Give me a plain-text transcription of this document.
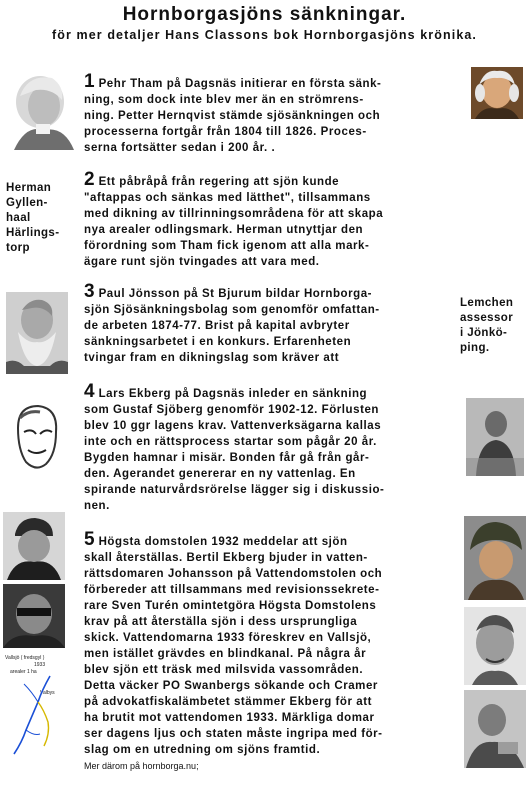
Hornborgasjöns sänkningar.
för mer detaljer Hans Classons bok Hornborgasjöns krönika.
1 Pehr Tham på Dagsnäs initierar en första sänk-
ning, som dock inte blev mer än en strömrens-
ning. Petter Hernqvist stämde sjösänkningen och
processerna fortgår från 1804 till 1826. Proces-
serna fortsätter sedan i 200 år. .
2 Ett påbråpå från regering att sjön kunde
"aftappas och sänkas med lätthet", tillsammans
med dikning av tillrinningsområdena för att skapa
nya arealer odlingsmark. Herman utnyttjar den
förordning som Tham fick igenom att alla mark-
ägare runt sjön tvingades att vara med.
3 Paul Jönsson på St Bjurum bildar Hornborga-
sjön Sjösänkningsbolag som genomför omfattan-
de arbeten 1874-77. Brist på kapital avbryter
sänkningsarbetet i en konkurs. Erfarenheten
tvingar fram en dikningslag som kräver att
4 Lars Ekberg på Dagsnäs inleder en sänkning
som Gustaf Sjöberg genomför 1902-12. Förlusten
blev 10 ggr lagens krav. Vattenverksägarna kallas
inte och en rättsprocess startar som pågår 20 år.
Bygden hamnar i misär. Bonden får gå från går-
den. Agerandet genererar en ny vattenlag. En
spirande naturvårdsrörelse lägger sig i diskussio-
nen.
5 Högsta domstolen 1932 meddelar att sjön
skall återställas. Bertil Ekberg bjuder in vatten-
rättsdomaren Johansson på Vattendomstolen och
förbereder att tillsammans med revisionssekrete-
rare Sven Turén omintetgöra Högsta Domstolens
krav på att återställa sjön i dess ursprungliga
skick. Vattendomarna 1933 föreskrev en Vallsjö,
men istället grävdes en blindkanal. På några år
blev sjön ett träsk med milsvida vassområden.
Detta väcker PO Swanbergs sökande och Cramer
på advokatfiskalämbetet stämmer Ekberg för att
ha brutit mot vattendomen 1933. Märkliga domar
ser dagens ljus och staten måste ingripa med för-
slag om en utredning om sjöns framtid.
Mer därom på hornborga.nu;
Herman
Gyllen-
haal
Härlings-
torp
Lemchen
assessor
i Jönkö-
ping.
Vallsjö ( fredsgyl )
1933
arealer 1 ha
Valbys
